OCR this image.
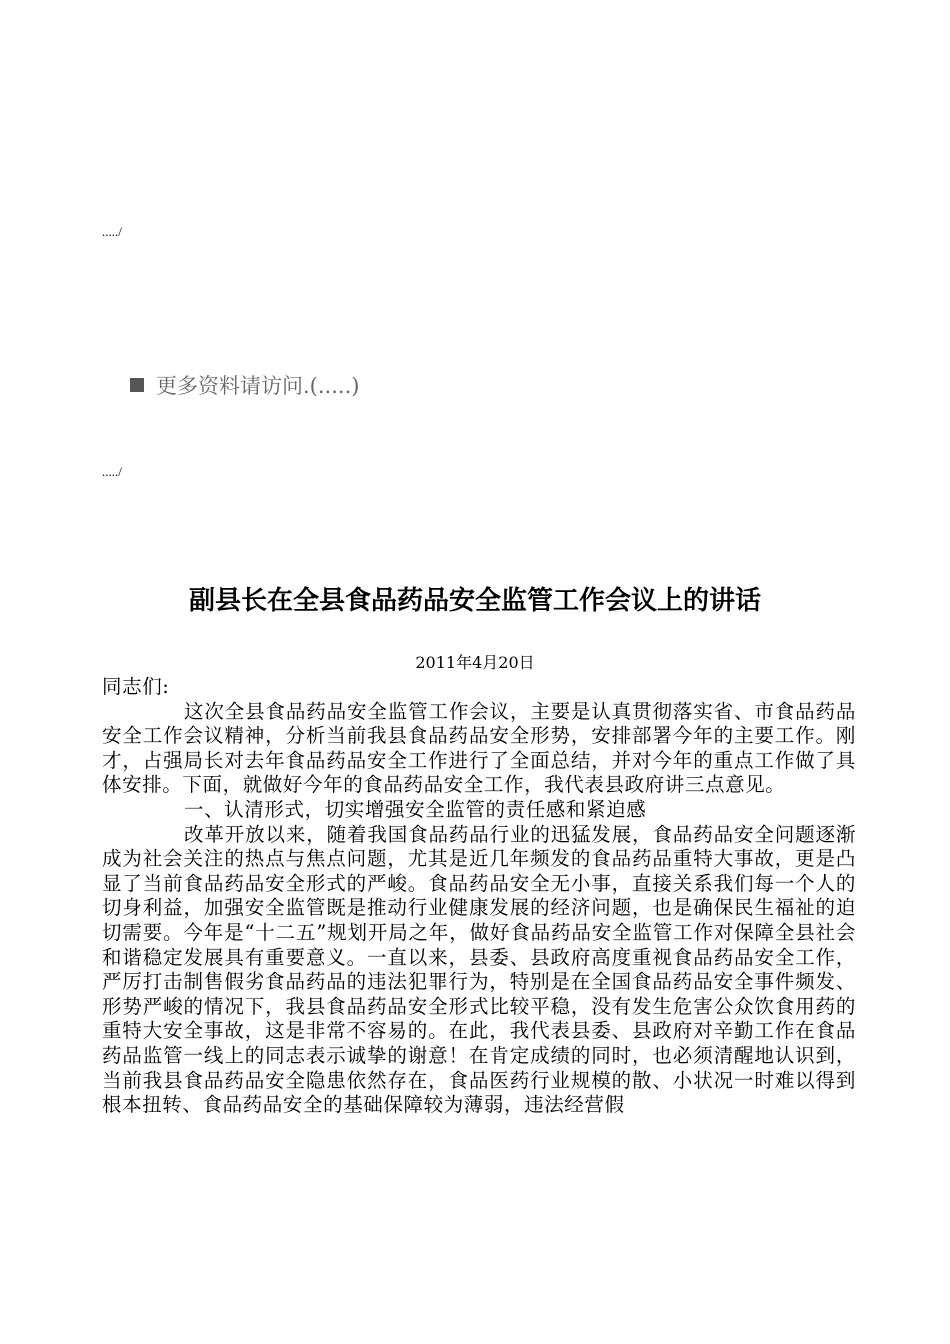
...../
更多资料请访问.(.....)
...../
副县长在全县食品药品安全监管工作会议上的讲话
2011年4月20日

同志们:

这次全县食品药品安全监管工作会议，主要是认真贯彻落实省、市食品药品安全工作会议精神，分析当前我县食品药品安全形势，安排部署今年的主要工作。刚才，占强局长对去年食品药品安全工作进行了全面总结，并对今年的重点工作做了具体安排。下面，就做好今年的食品药品安全工作，我代表县政府讲三点意见。

一、认清形式，切实增强安全监管的责任感和紧迫感

改革开放以来，随着我国食品药品行业的迅猛发展，食品药品安全问题逐渐成为社会关注的热点与焦点问题，尤其是近几年频发的食品药品重特大事故，更是凸显了当前食品药品安全形式的严峻。食品药品安全无小事，直接关系我们每一个人的切身利益，加强安全监管既是推动行业健康发展的经济问题，也是确保民生福祉的迫切需要。今年是“十二五”规划开局之年，做好食品药品安全监管工作对保障全县社会和谐稳定发展具有重要意义。一直以来，县委、县政府高度重视食品药品安全工作，严厉打击制售假劣食品药品的违法犯罪行为，特别是在全国食品药品安全事件频发、形势严峻的情况下，我县食品药品安全形式比较平稳，没有发生危害公众饮食用药的重特大安全事故，这是非常不容易的。在此，我代表县委、县政府对辛勤工作在食品药品监管一线上的同志表示诚挚的谢意！在肯定成绩的同时，也必须清醒地认识到，当前我县食品药品安全隐患依然存在，食品医药行业规模的散、小状况一时难以得到根本扭转、食品药品安全的基础保障较为薄弱，违法经营假
